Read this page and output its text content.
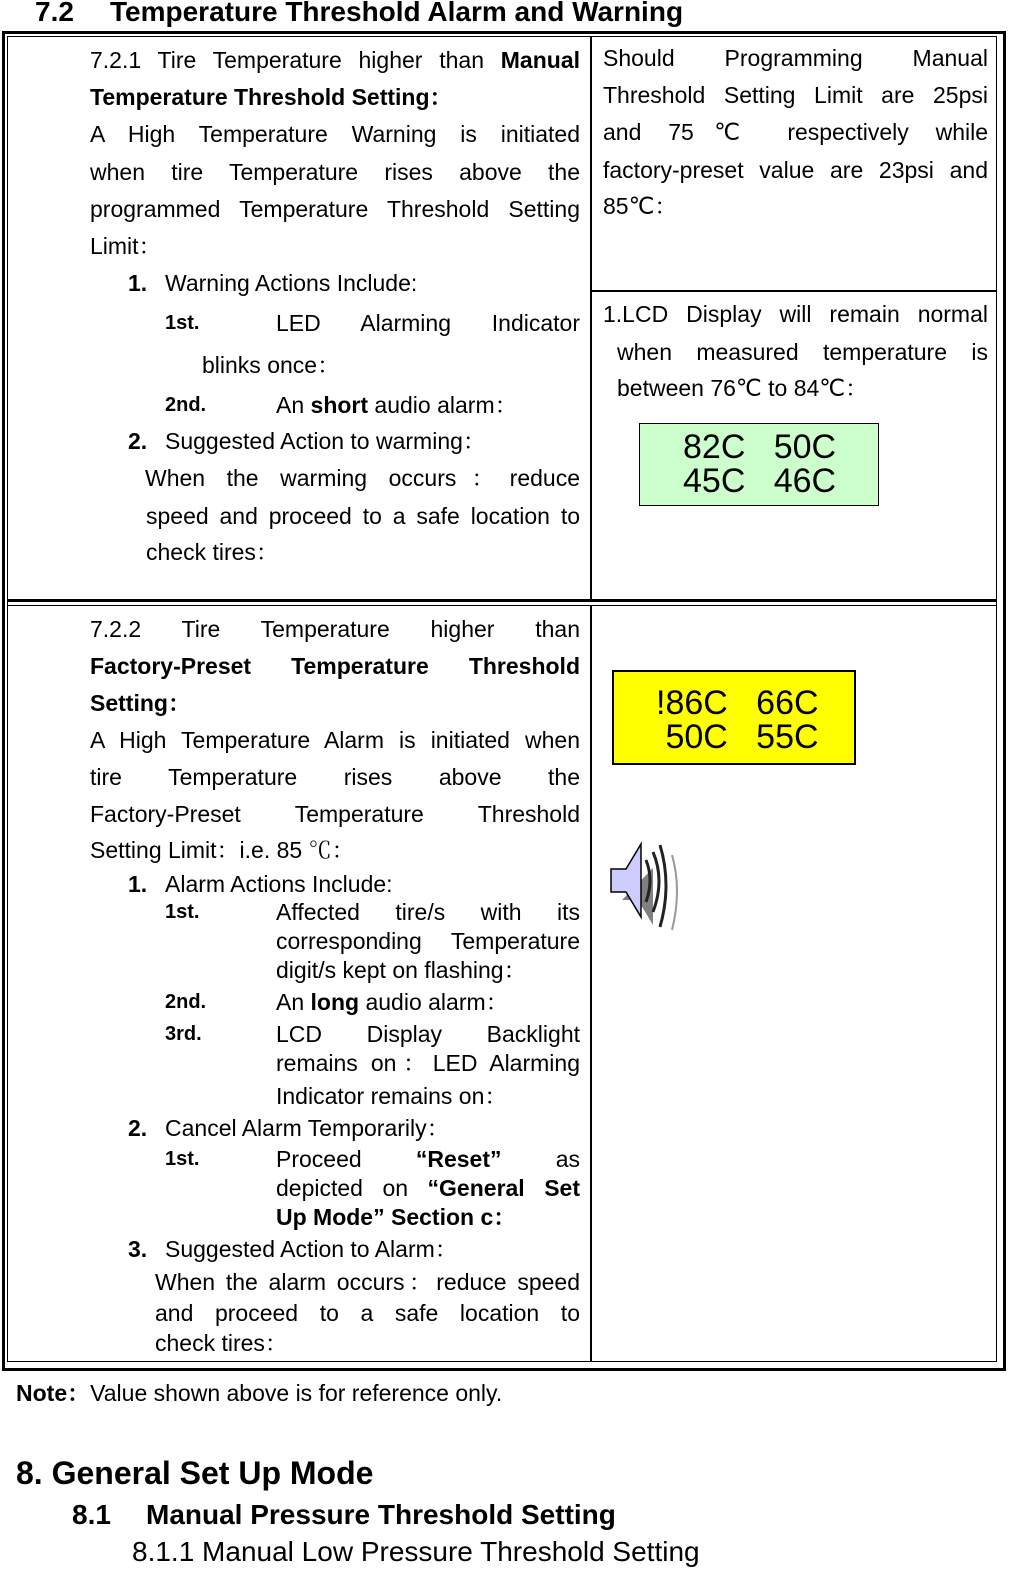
7.2 Temperature Threshold Alarm and Warning
7.2.1 Tire Temperature higher than Manual
Temperature Threshold Setting：
A High Temperature Warning is initiated
when tire Temperature rises above the
programmed Temperature Threshold Setting
Limit：
1. Warning Actions Include:
1st.	LED Alarming Indicator
blinks once：
2nd.	An short audio alarm：
2. Suggested Action to warming：
When the warming occurs：reduce
speed and proceed to a safe location to
check tires：
Should Programming Manual
Threshold Setting Limit are 25psi
and 75℃ respectively while
factory-preset value are 23psi and
85℃：
1.LCD Display will remain normal
when measured temperature is
between 76℃ to 84℃：
82C   50C
45C   46C
7.2.2 Tire Temperature higher than
Factory-Preset Temperature Threshold
Setting：
A High Temperature Alarm is initiated when
tire Temperature rises above the
Factory-Preset Temperature Threshold
Setting Limit：i.e. 85 ℃：
1. Alarm Actions Include:
1st.	Affected tire/s with its
corresponding Temperature
digit/s kept on flashing：
2nd.	An long audio alarm：
3rd.	LCD Display Backlight
remains on：LED Alarming
Indicator remains on：
2. Cancel Alarm Temporarily：
1st.	Proceed “Reset” as
depicted on “General Set
Up Mode” Section c：
3. Suggested Action to Alarm：
When the alarm occurs：reduce speed
and proceed to a safe location to
check tires：
!86C   66C
50C   55C
Note：Value shown above is for reference only.
8. General Set Up Mode
8.1 Manual Pressure Threshold Setting
8.1.1 Manual Low Pressure Threshold Setting
